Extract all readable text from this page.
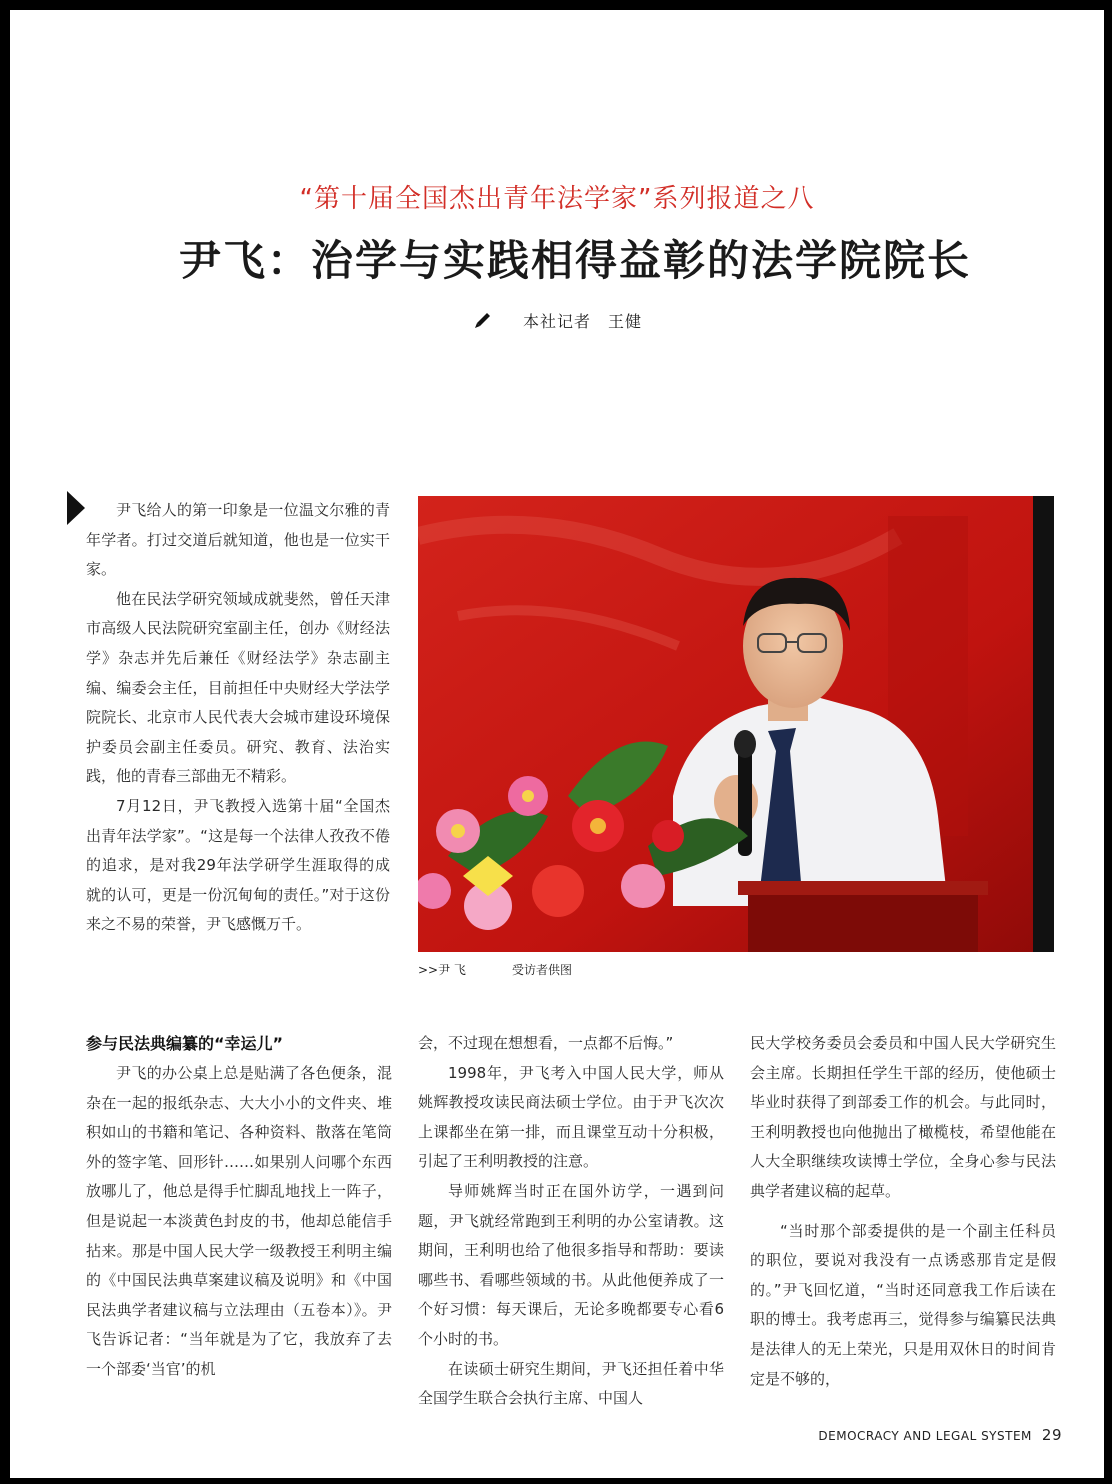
“第十届全国杰出青年法学家”系列报道之八
尹飞：治学与实践相得益彰的法学院院长
本社记者　王健

尹飞给人的第一印象是一位温文尔雅的青年学者。打过交道后就知道，他也是一位实干家。

他在民法学研究领域成就斐然，曾任天津市高级人民法院研究室副主任，创办《财经法学》杂志并先后兼任《财经法学》杂志副主编、编委会主任，目前担任中央财经大学法学院院长、北京市人民代表大会城市建设环境保护委员会副主任委员。研究、教育、法治实践，他的青春三部曲无不精彩。

7月12日，尹飞教授入选第十届“全国杰出青年法学家”。“这是每一个法律人孜孜不倦的追求，是对我29年法学研学生涯取得的成就的认可，更是一份沉甸甸的责任。”对于这份来之不易的荣誉，尹飞感慨万千。

>>尹 飞	受访者供图
参与民法典编纂的“幸运儿”

尹飞的办公桌上总是贴满了各色便条，混杂在一起的报纸杂志、大大小小的文件夹、堆积如山的书籍和笔记、各种资料、散落在笔筒外的签字笔、回形针……如果别人问哪个东西放哪儿了，他总是得手忙脚乱地找上一阵子，但是说起一本淡黄色封皮的书，他却总能信手拈来。那是中国人民大学一级教授王利明主编的《中国民法典草案建议稿及说明》和《中国民法典学者建议稿与立法理由（五卷本）》。尹飞告诉记者：“当年就是为了它，我放弃了去一个部委‘当官’的机

会，不过现在想想看，一点都不后悔。”

1998年，尹飞考入中国人民大学，师从姚辉教授攻读民商法硕士学位。由于尹飞次次上课都坐在第一排，而且课堂互动十分积极，引起了王利明教授的注意。

导师姚辉当时正在国外访学，一遇到问题，尹飞就经常跑到王利明的办公室请教。这期间，王利明也给了他很多指导和帮助：要读哪些书、看哪些领域的书。从此他便养成了一个好习惯：每天课后，无论多晚都要专心看6个小时的书。

在读硕士研究生期间，尹飞还担任着中华全国学生联合会执行主席、中国人

民大学校务委员会委员和中国人民大学研究生会主席。长期担任学生干部的经历，使他硕士毕业时获得了到部委工作的机会。与此同时，王利明教授也向他抛出了橄榄枝，希望他能在人大全职继续攻读博士学位，全身心参与民法典学者建议稿的起草。

“当时那个部委提供的是一个副主任科员的职位，要说对我没有一点诱惑那肯定是假的。”尹飞回忆道，“当时还同意我工作后读在职的博士。我考虑再三，觉得参与编纂民法典是法律人的无上荣光，只是用双休日的时间肯定是不够的，

DEMOCRACY AND LEGAL SYSTEM 29
